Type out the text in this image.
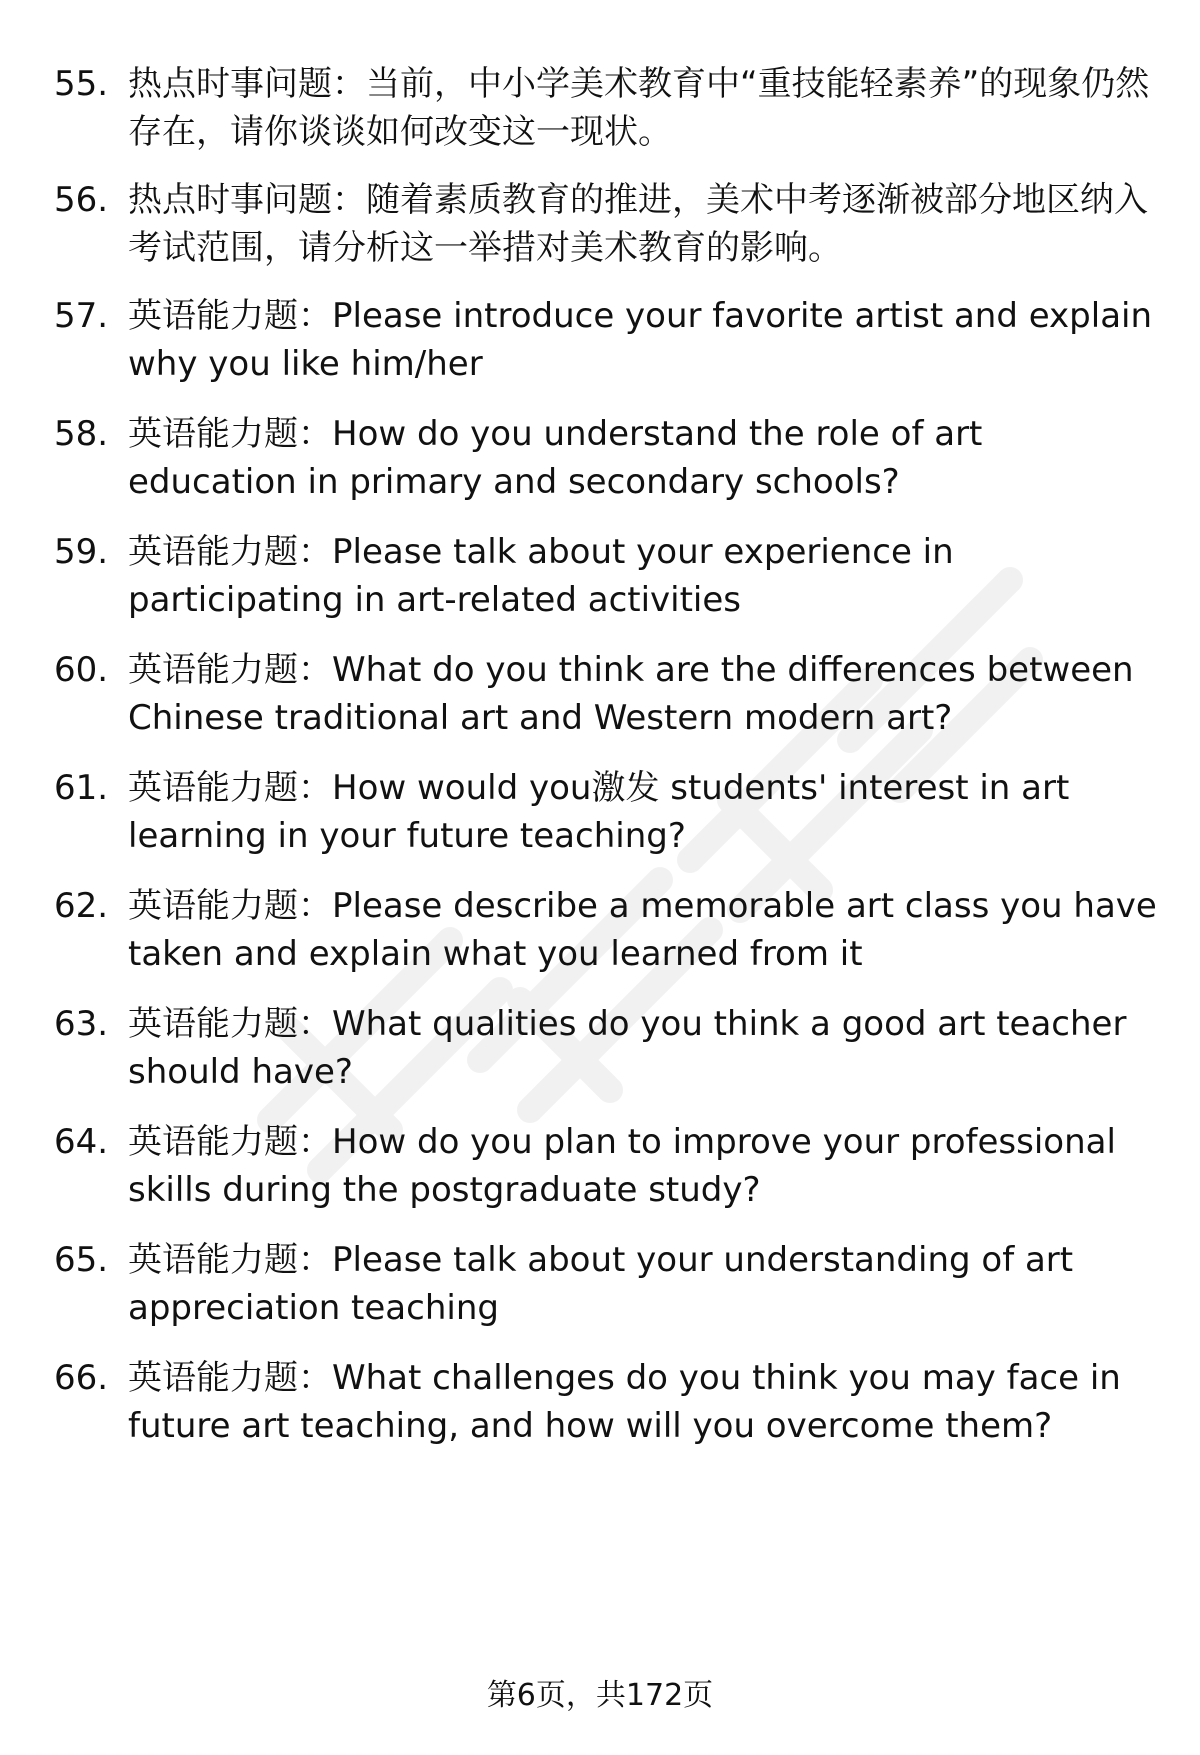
55. 热点时事问题：当前，中小学美术教育中“重技能轻素养”的现象仍然存在，请你谈谈如何改变这一现状。
56. 热点时事问题：随着素质教育的推进，美术中考逐渐被部分地区纳入考试范围，请分析这一举措对美术教育的影响。
57. 英语能力题：Please introduce your favorite artist and explain why you like him/her
58. 英语能力题：How do you understand the role of art education in primary and secondary schools?
59. 英语能力题：Please talk about your experience in participating in art-related activities
60. 英语能力题：What do you think are the differences between Chinese traditional art and Western modern art?
61. 英语能力题：How would you激发 students' interest in art learning in your future teaching?
62. 英语能力题：Please describe a memorable art class you have taken and explain what you learned from it
63. 英语能力题：What qualities do you think a good art teacher should have?
64. 英语能力题：How do you plan to improve your professional skills during the postgraduate study?
65. 英语能力题：Please talk about your understanding of art appreciation teaching
66. 英语能力题：What challenges do you think you may face in future art teaching, and how will you overcome them?
第6页，共172页
